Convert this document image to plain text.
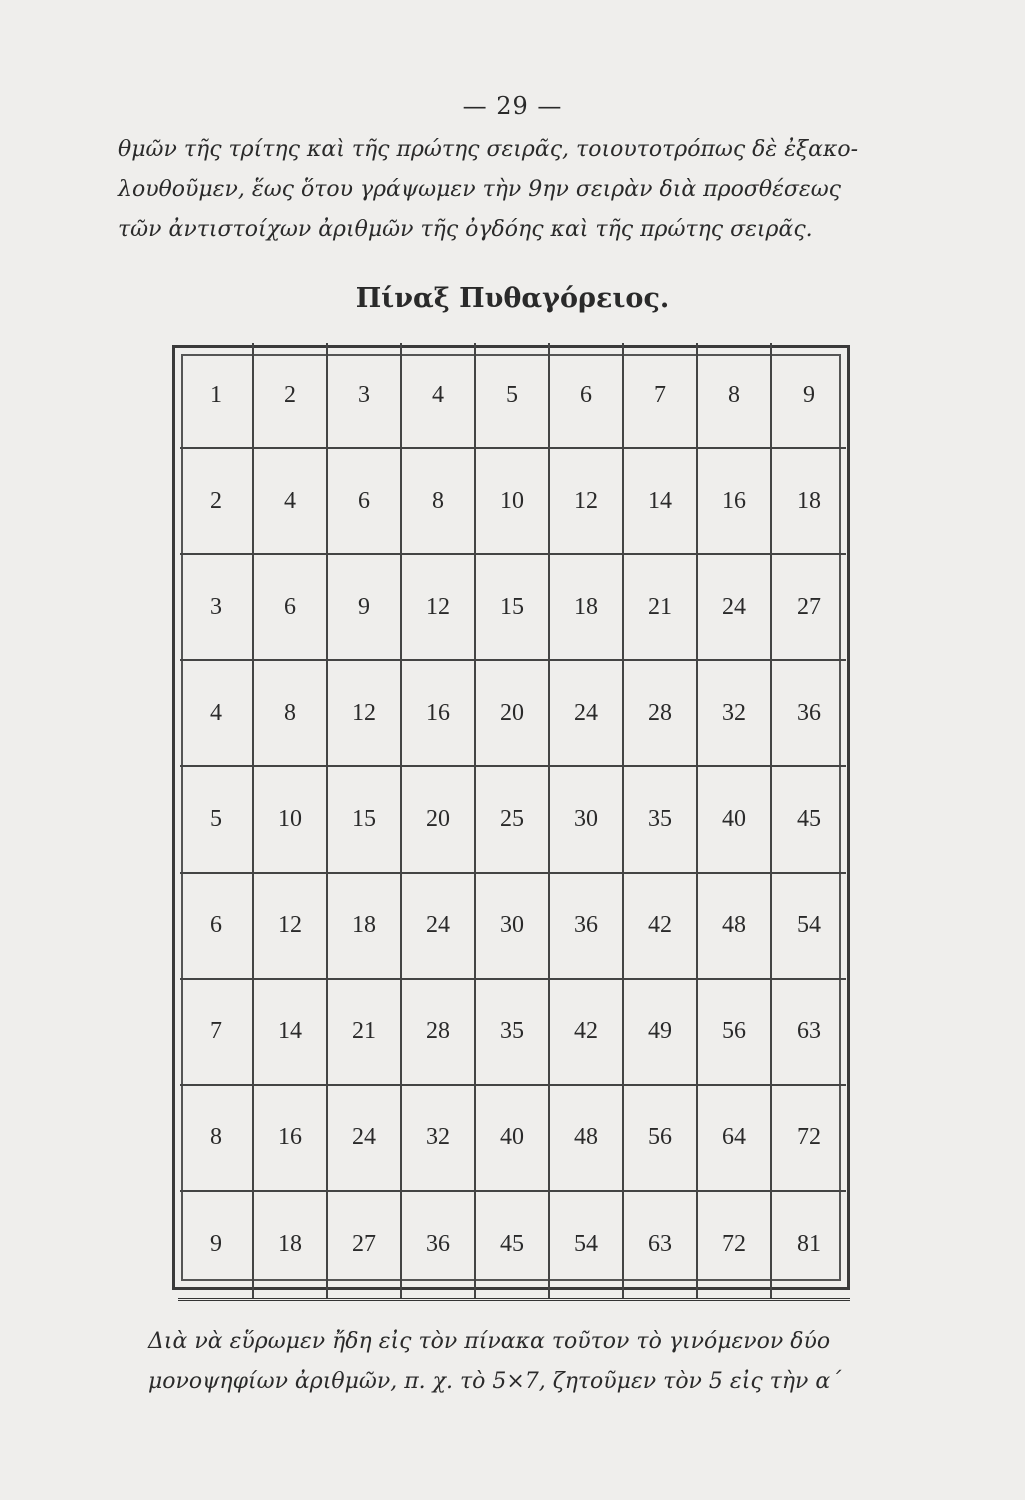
— 29 —
θμῶν τῆς τρίτης καὶ τῆς πρώτης σειρᾶς, τοιουτοτρόπως δὲ ἐξακο-
λουθοῦμεν, ἕως ὅτου γράψωμεν τὴν 9ην σειρὰν διὰ προσθέσεως
τῶν ἀντιστοίχων ἀριθμῶν τῆς ὀγδόης καὶ τῆς πρώτης σειρᾶς.
Πίναξ Πυθαγόρειος.
1	2	3	4	5	6	7	8	9
2	4	6	8	10	12	14	16	18
3	6	9	12	15	18	21	24	27
4	8	12	16	20	24	28	32	36
5	10	15	20	25	30	35	40	45
6	12	18	24	30	36	42	48	54
7	14	21	28	35	42	49	56	63
8	16	24	32	40	48	56	64	72
9	18	27	36	45	54	63	72	81
Διὰ νὰ εὕρωμεν ἤδη εἰς τὸν πίνακα τοῦτον τὸ γινόμενον δύο
μονοψηφίων ἀριθμῶν, π. χ. τὸ 5×7, ζητοῦμεν τὸν 5 εἰς τὴν α΄
